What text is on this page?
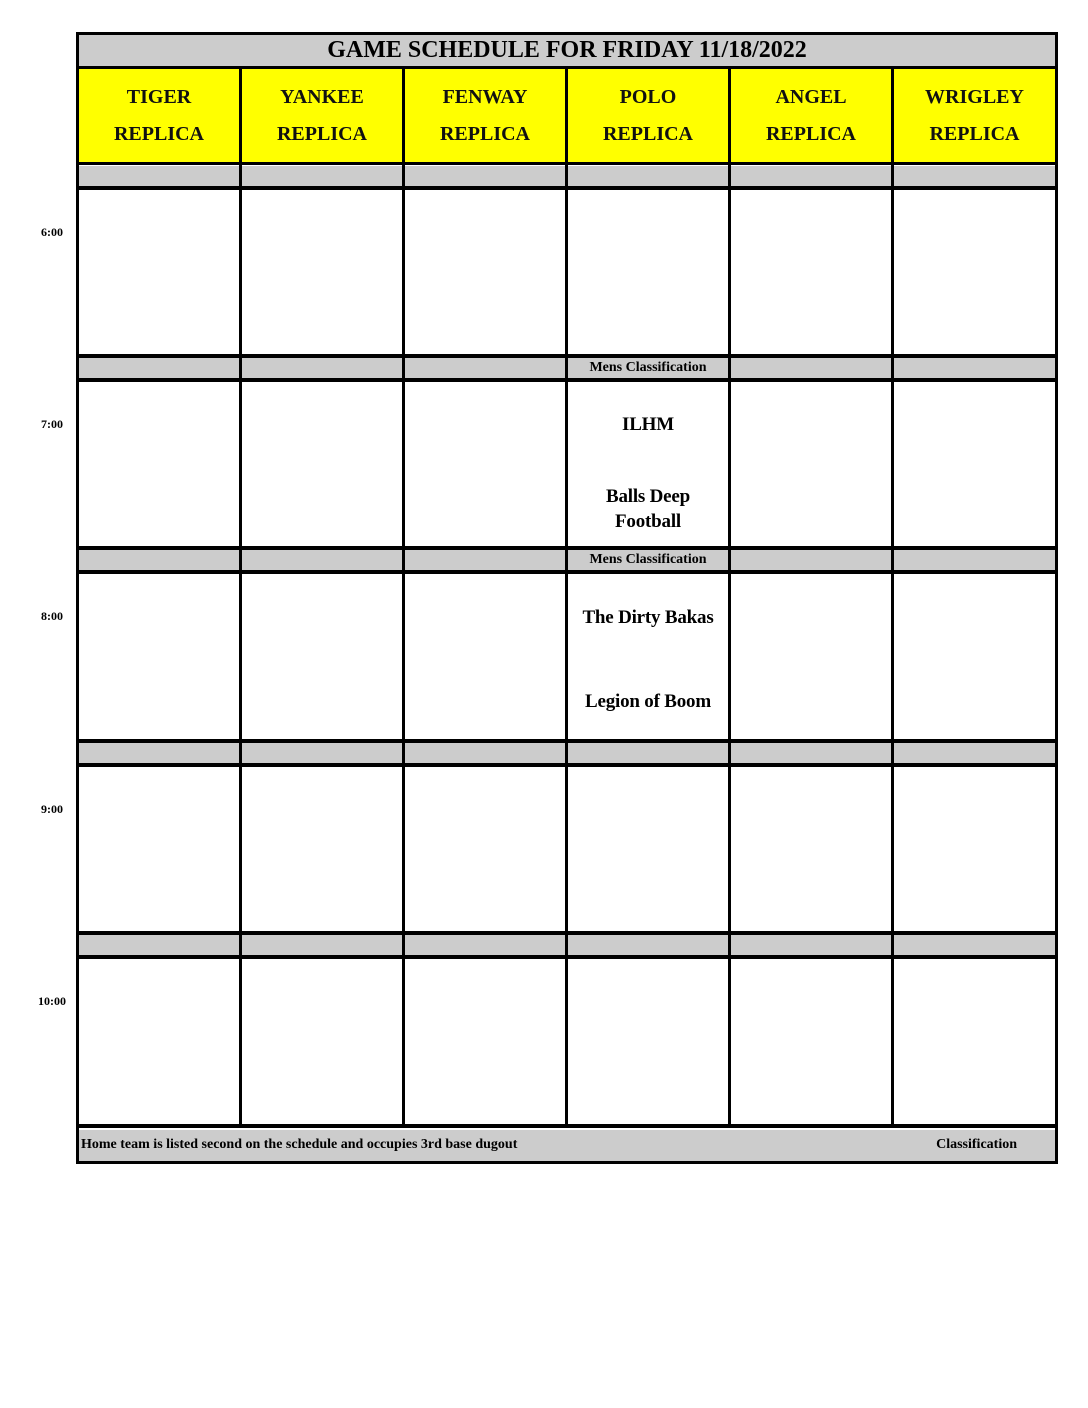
GAME SCHEDULE FOR FRIDAY 11/18/2022
TIGER
REPLICA
YANKEE
REPLICA
FENWAY
REPLICA
POLO
REPLICA
ANGEL
REPLICA
WRIGLEY
REPLICA
Mens Classification
Mens Classification
6:00
7:00
8:00
9:00
10:00
ILHM
Balls Deep Football
The Dirty Bakas
Legion of Boom
Home team is listed second on the schedule and occupies 3rd base dugout	Classification
